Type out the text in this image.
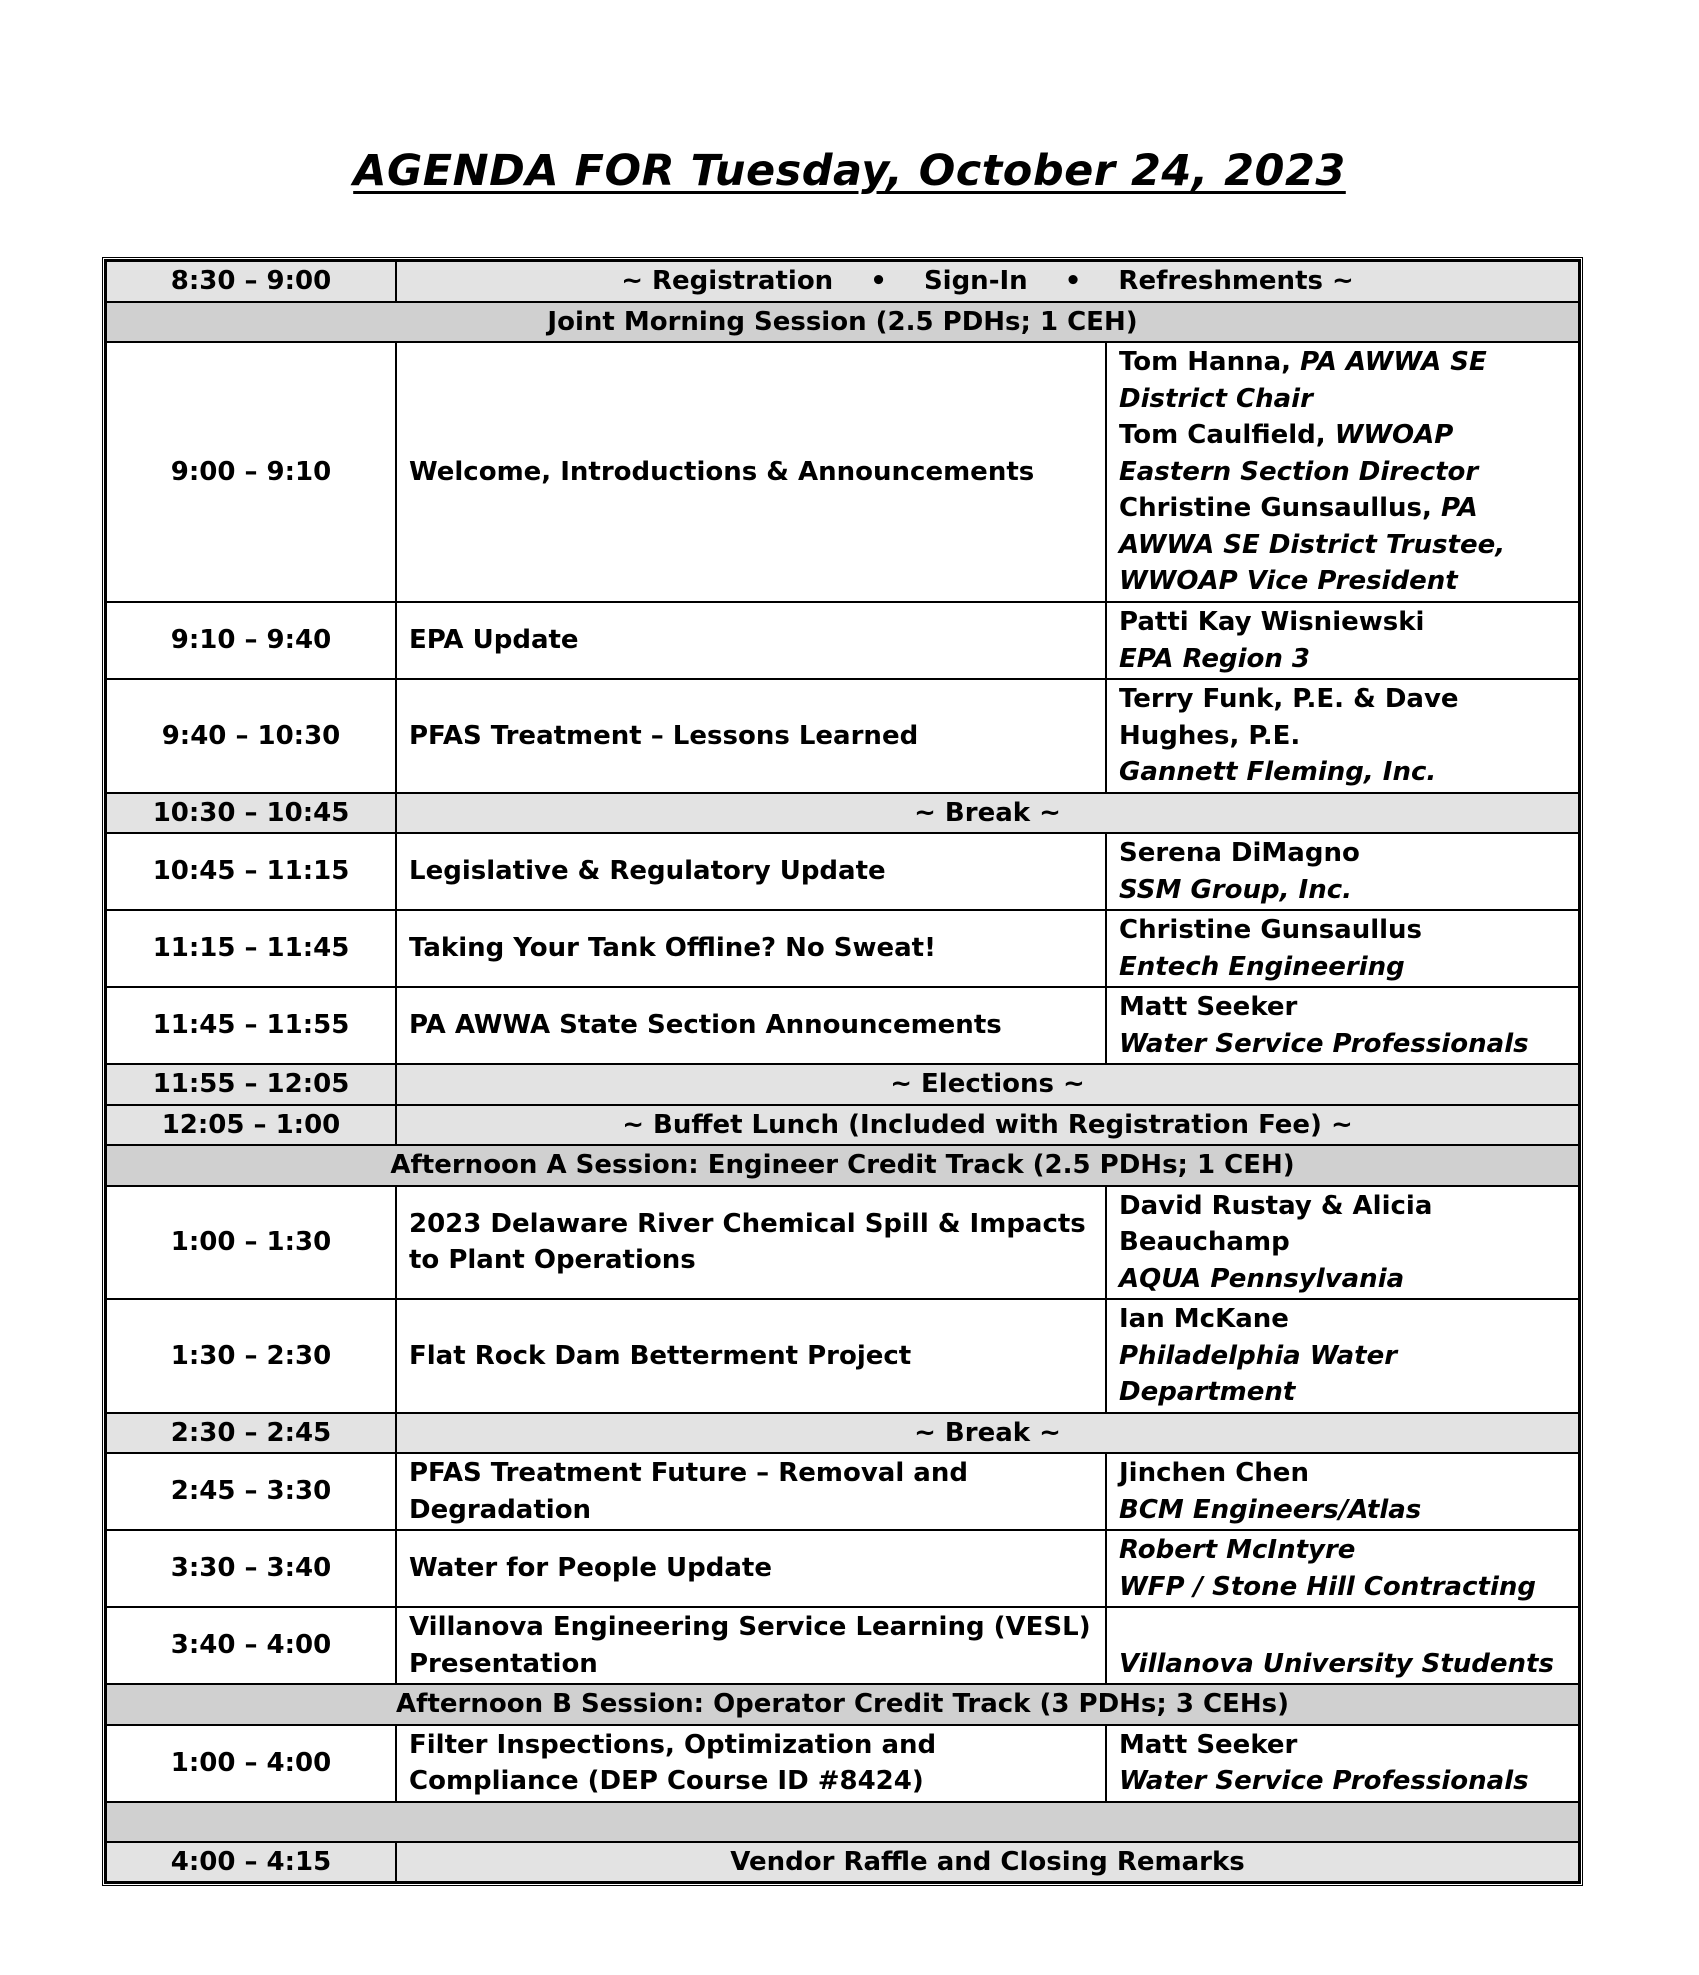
AGENDA FOR Tuesday, October 24, 2023
8:30 – 9:00	~ Registration • Sign-In • Refreshments ~	
Joint Morning Session (2.5 PDHs; 1 CEH)		
9:00 – 9:10	Welcome, Introductions & Announcements	Tom Hanna, PA AWWA SE District Chair
Tom Caulfield, WWOAP Eastern Section Director
Christine Gunsaullus, PA AWWA SE District Trustee, WWOAP Vice President

9:10 – 9:40	EPA Update	Patti Kay Wisniewski
EPA Region 3

9:40 – 10:30	PFAS Treatment – Lessons Learned	Terry Funk, P.E. & Dave Hughes, P.E.
Gannett Fleming, Inc.

10:30 – 10:45	~ Break ~	
10:45 – 11:15	Legislative & Regulatory Update	Serena DiMagno
SSM Group, Inc.

11:15 – 11:45	Taking Your Tank Offline? No Sweat!	Christine Gunsaullus
Entech Engineering

11:45 – 11:55	PA AWWA State Section Announcements	Matt Seeker
Water Service Professionals

11:55 – 12:05	~ Elections ~	
12:05 – 1:00	~ Buffet Lunch (Included with Registration Fee) ~	
Afternoon A Session: Engineer Credit Track (2.5 PDHs; 1 CEH)		
1:00 – 1:30	2023 Delaware River Chemical Spill & Impacts to Plant Operations	David Rustay & Alicia Beauchamp
AQUA Pennsylvania

1:30 – 2:30	Flat Rock Dam Betterment Project	Ian McKane
Philadelphia Water Department

2:30 – 2:45	~ Break ~	
2:45 – 3:30	PFAS Treatment Future – Removal and Degradation	Jinchen Chen
BCM Engineers/Atlas

3:30 – 3:40	Water for People Update	Robert McIntyre
WFP / Stone Hill Contracting

3:40 – 4:00	Villanova Engineering Service Learning (VESL) Presentation	Villanova University Students

Afternoon B Session: Operator Credit Track (3 PDHs; 3 CEHs)		
1:00 – 4:00	Filter Inspections, Optimization and Compliance (DEP Course ID #8424)	Matt Seeker
Water Service Professionals

4:00 – 4:15	Vendor Raffle and Closing Remarks	
